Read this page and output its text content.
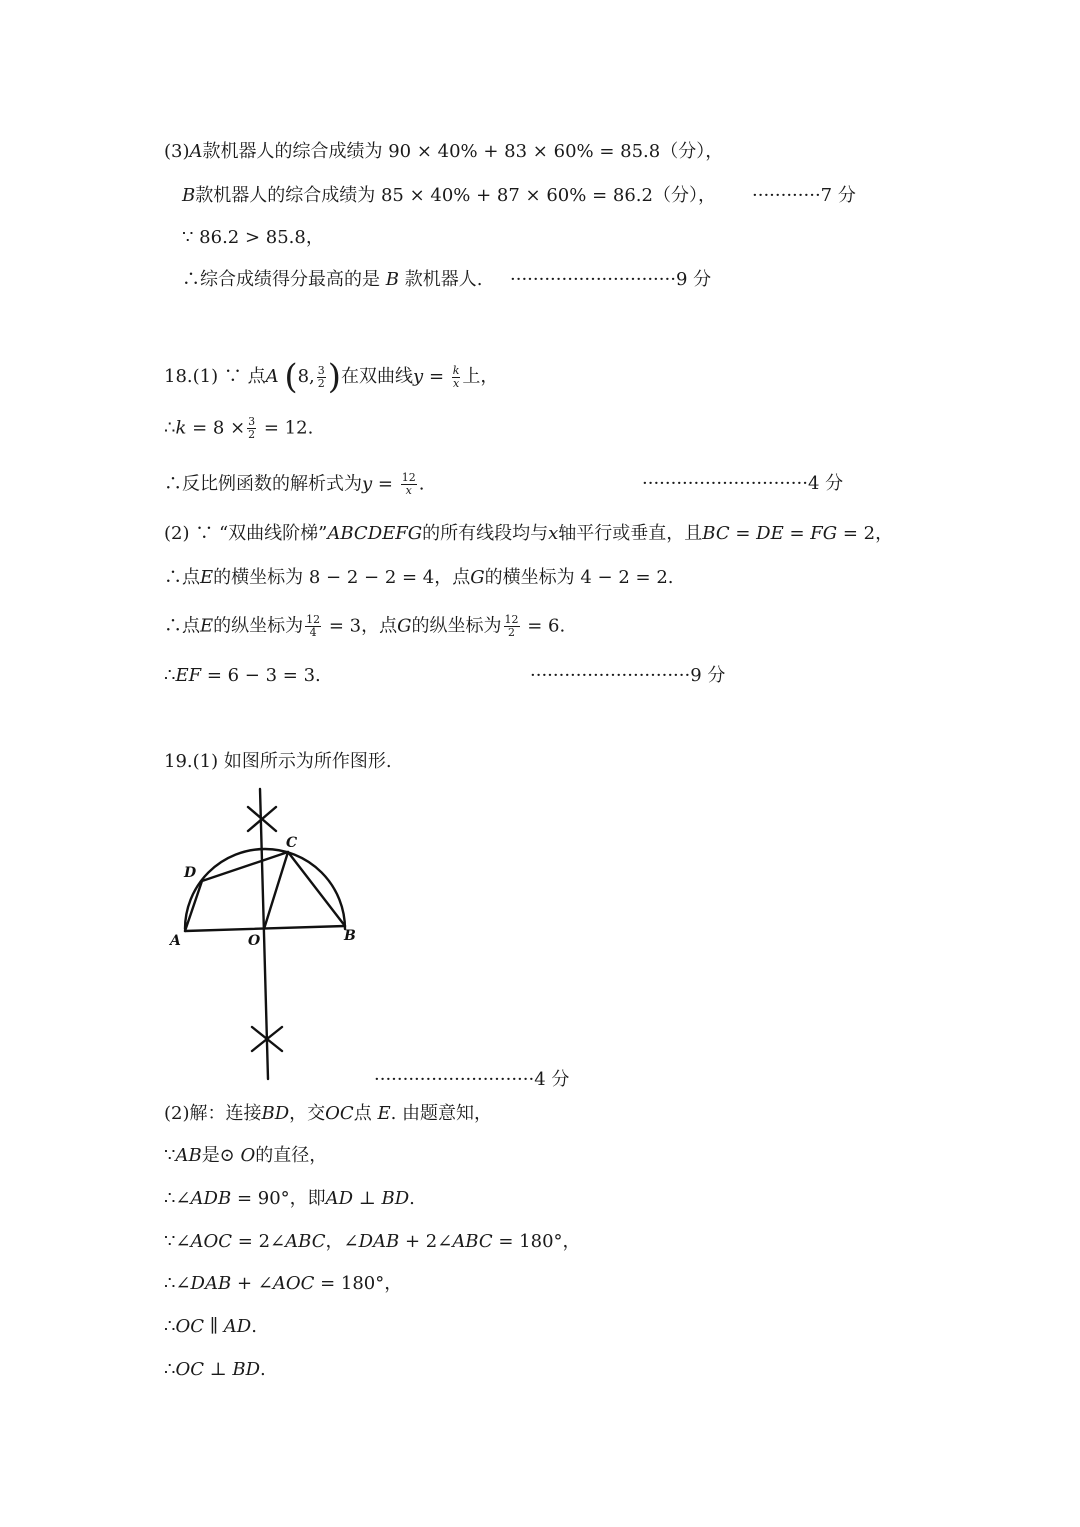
(3)A款机器人的综合成绩为 90 × 40% + 83 × 60% = 85.8（分），
B款机器人的综合成绩为 85 × 40% + 87 × 60% = 86.2（分）， ············7 分
∵ 86.2 > 85.8，
∴综合成绩得分最高的是 B 款机器人. ·····························9 分
18.(1) ∵ 点A ( 8, $\frac{3}{2}$ ) 在双曲线$y = \frac{k}{x}$ 上，
∴k = $8 \times \frac{3}{2} = 12$.
∴反比例函数的解析式为$y = \frac{12}{x}$ .	·····························4 分
(2) ∵ “双曲线阶梯”ABCDEFG的所有线段均与x轴平行或垂直，且BC = DE = FG = 2，
∴点E的横坐标为 8 − 2 − 2 = 4，点G的横坐标为 4 − 2 = 2.
∴点E的纵坐标为 $\frac{12}{4} = 3$，点G的纵坐标为 $\frac{12}{2} = 6$.
∴EF = 6 − 3 = 3.	····························9 分
19.(1) 如图所示为所作图形.
C
D
A	O	B
····························4 分
(2)解：连接BD，交OC点 E. 由题意知，
∵AB是⊙ O的直径，
∴∠ADB = 90°，即AD ⊥ BD.
∵∠AOC = 2∠ABC，∠DAB + 2∠ABC = 180°，
∴∠DAB + ∠AOC = 180°，
∴OC ∥ AD.
∴OC ⊥ BD.
